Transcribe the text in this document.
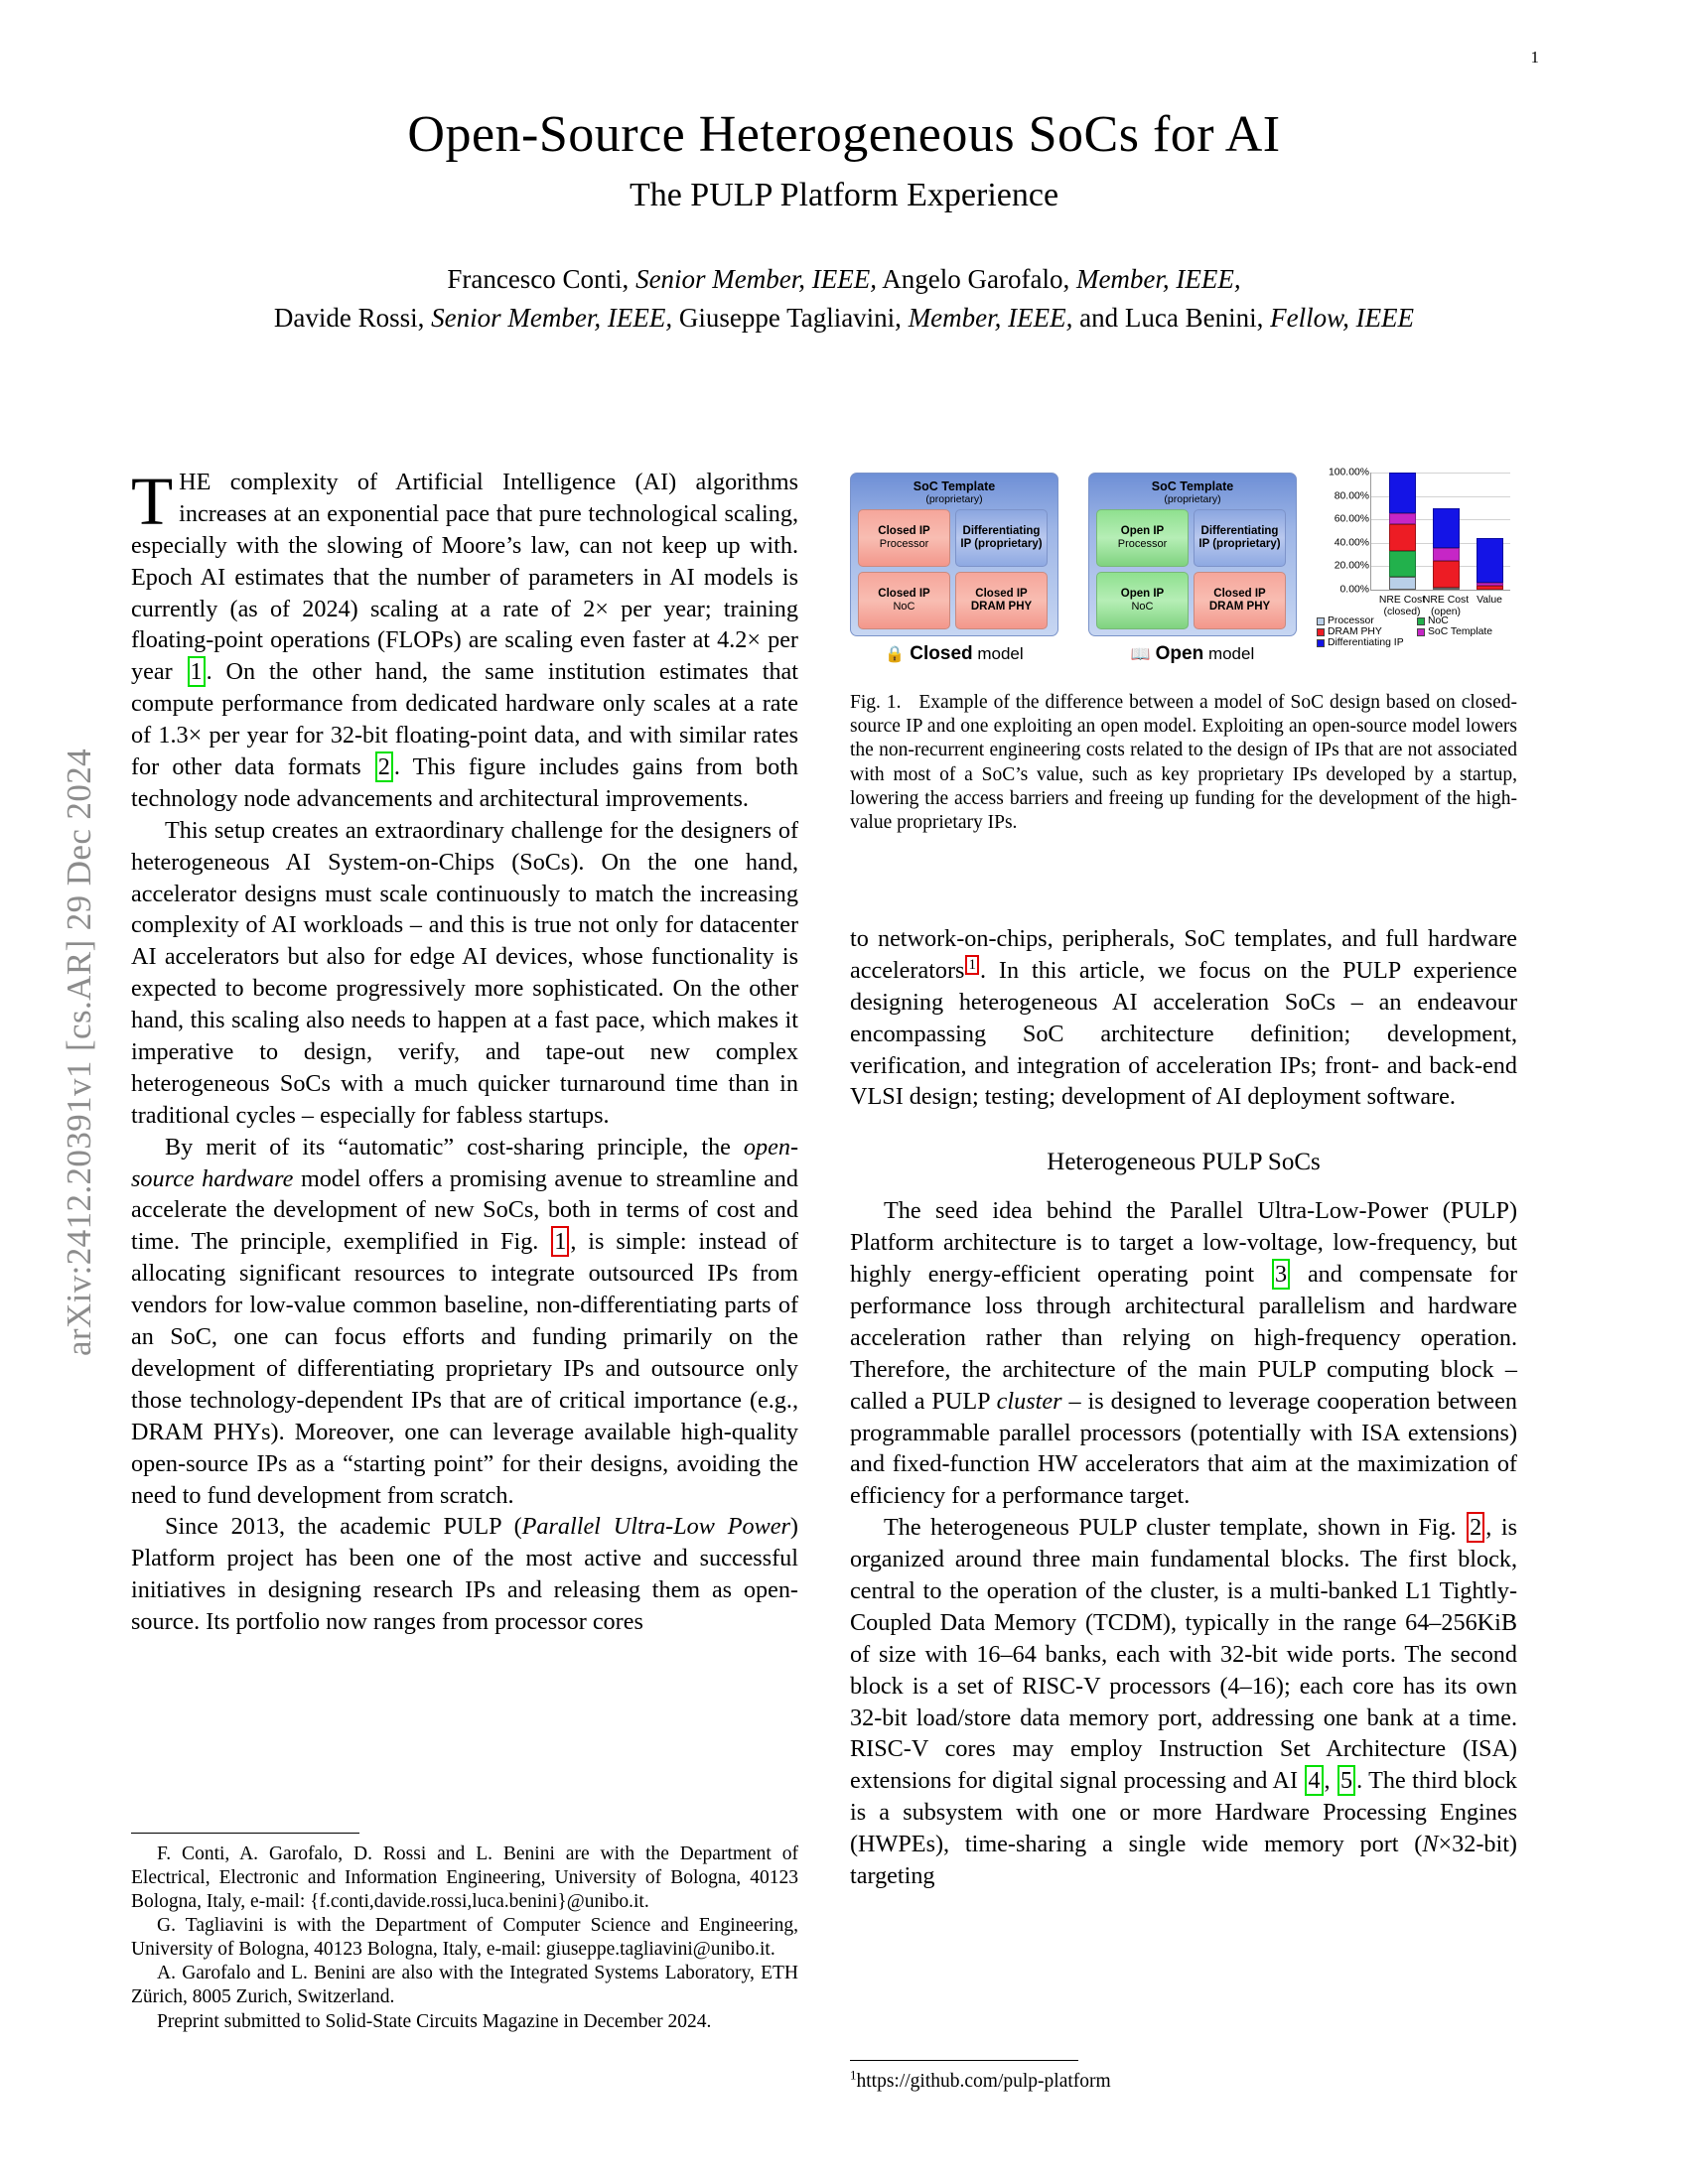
arXiv:2412.20391v1 [cs.AR] 29 Dec 2024
1
Open-Source Heterogeneous SoCs for AI
The PULP Platform Experience
Francesco Conti, Senior Member, IEEE, Angelo Garofalo, Member, IEEE,
Davide Rossi, Senior Member, IEEE, Giuseppe Tagliavini, Member, IEEE, and Luca Benini, Fellow, IEEE

THE complexity of Artificial Intelligence (AI) algorithms increases at an exponential pace that pure technological scaling, especially with the slowing of Moore’s law, can not keep up with. Epoch AI estimates that the number of parameters in AI models is currently (as of 2024) scaling at a rate of 2× per year; training floating-point operations (FLOPs) are scaling even faster at 4.2× per year 1 . On the other hand, the same institution estimates that compute performance from dedicated hardware only scales at a rate of 1.3× per year for 32-bit floating-point data, and with similar rates for other data formats 2 . This figure includes gains from both technology node advancements and architectural improvements.

This setup creates an extraordinary challenge for the designers of heterogeneous AI System-on-Chips (SoCs). On the one hand, accelerator designs must scale continuously to match the increasing complexity of AI workloads – and this is true not only for datacenter AI accelerators but also for edge AI devices, whose functionality is expected to become progressively more sophisticated. On the other hand, this scaling also needs to happen at a fast pace, which makes it imperative to design, verify, and tape-out new complex heterogeneous SoCs with a much quicker turnaround time than in traditional cycles – especially for fabless startups.

By merit of its “automatic” cost-sharing principle, the open-source hardware model offers a promising avenue to streamline and accelerate the development of new SoCs, both in terms of cost and time. The principle, exemplified in Fig. 1 , is simple: instead of allocating significant resources to integrate outsourced IPs from vendors for low-value common baseline, non-differentiating parts of an SoC, one can focus efforts and funding primarily on the development of differentiating proprietary IPs and outsource only those technology-dependent IPs that are of critical importance (e.g., DRAM PHYs). Moreover, one can leverage available high-quality open-source IPs as a “starting point” for their designs, avoiding the need to fund development from scratch.

Since 2013, the academic PULP (Parallel Ultra-Low Power) Platform project has been one of the most active and successful initiatives in designing research IPs and releasing them as open-source. Its portfolio now ranges from processor cores

to network-on-chips, peripherals, SoC templates, and full hardware accelerators $^1$ . In this article, we focus on the PULP experience designing heterogeneous AI acceleration SoCs – an endeavour encompassing SoC architecture definition; development, verification, and integration of acceleration IPs; front- and back-end VLSI design; testing; development of AI deployment software.

Heterogeneous PULP SoCs

The seed idea behind the Parallel Ultra-Low-Power (PULP) Platform architecture is to target a low-voltage, low-frequency, but highly energy-efficient operating point 3 and compensate for performance loss through architectural parallelism and hardware acceleration rather than relying on high-frequency operation. Therefore, the architecture of the main PULP computing block – called a PULP cluster – is designed to leverage cooperation between programmable parallel processors (potentially with ISA extensions) and fixed-function HW accelerators that aim at the maximization of efficiency for a performance target.

The heterogeneous PULP cluster template, shown in Fig. 2 , is organized around three main fundamental blocks. The first block, central to the operation of the cluster, is a multi-banked L1 Tightly-Coupled Data Memory (TCDM), typically in the range 64–256KiB of size with 16–64 banks, each with 32-bit wide ports. The second block is a set of RISC-V processors (4–16); each core has its own 32-bit load/store data memory port, addressing one bank at a time. RISC-V cores may employ Instruction Set Architecture (ISA) extensions for digital signal processing and AI 4 , 5 . The third block is a subsystem with one or more Hardware Processing Engines (HWPEs), time-sharing a single wide memory port (N×32-bit) targeting

SoC Template
(proprietary)
Closed IP
Processor
Differentiating
IP (proprietary)
Closed IP
NoC
Closed IP
DRAM PHY
SoC Template
(proprietary)
Open IP
Processor
Differentiating
IP (proprietary)
Open IP
NoC
Closed IP
DRAM PHY
🔒 Closed model	📖 Open model
0.00%
20.00%
40.00%
60.00%
80.00%
100.00%
Processor	NoC
DRAM PHY	SoC Template
Differentiating IP
NRE Cost
(closed)
NRE Cost
(open)
Value

Fig. 1. Example of the difference between a model of SoC design based on closed-source IP and one exploiting an open model. Exploiting an open-source model lowers the non-recurrent engineering costs related to the design of IPs that are not associated with most of a SoC’s value, such as key proprietary IPs developed by a startup, lowering the access barriers and freeing up funding for the development of the high-value proprietary IPs.

F. Conti, A. Garofalo, D. Rossi and L. Benini are with the Department of Electrical, Electronic and Information Engineering, University of Bologna, 40123 Bologna, Italy, e-mail: {f.conti,davide.rossi,luca.benini}@unibo.it.

G. Tagliavini is with the Department of Computer Science and Engineering, University of Bologna, 40123 Bologna, Italy, e-mail: giuseppe.tagliavini@unibo.it.

A. Garofalo and L. Benini are also with the Integrated Systems Laboratory, ETH Zürich, 8005 Zurich, Switzerland.

Preprint submitted to Solid-State Circuits Magazine in December 2024.

$^1$https://github.com/pulp-platform
